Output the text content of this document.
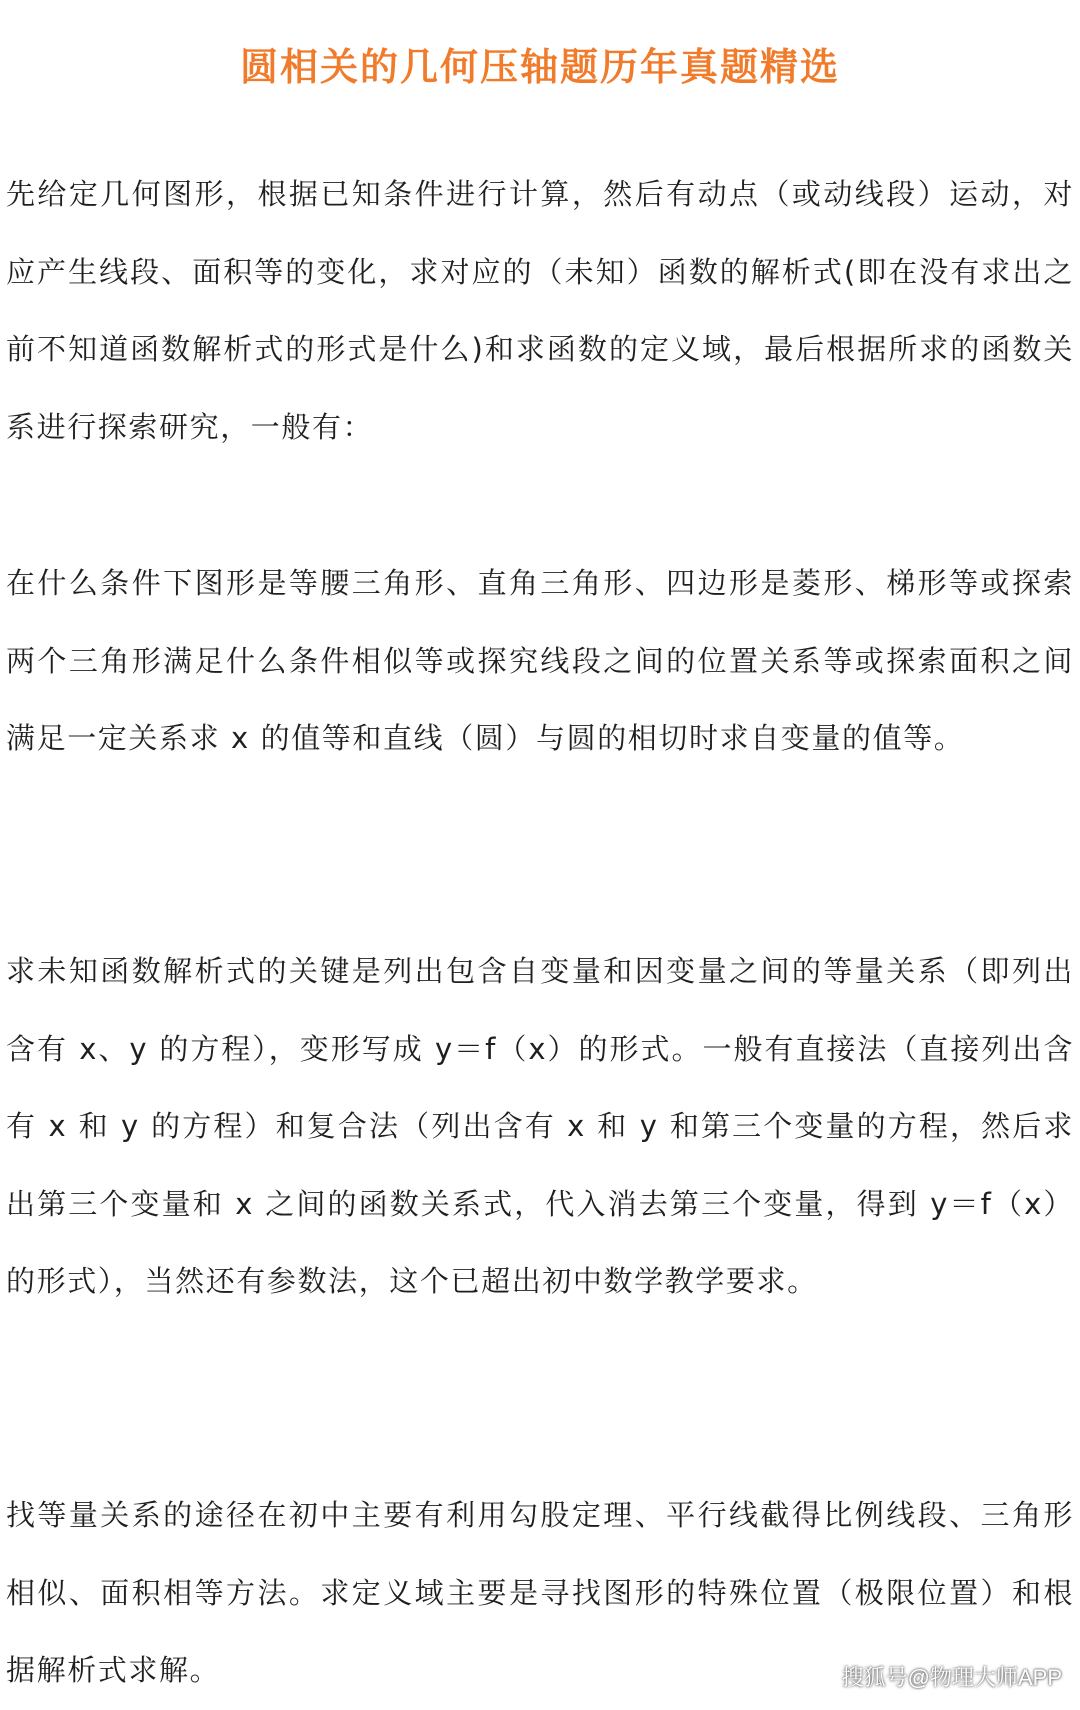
圆相关的几何压轴题历年真题精选

先给定几何图形，根据已知条件进行计算，然后有动点（或动线段）运动，对应产生线段、面积等的变化，求对应的（未知）函数的解析式(即在没有求出之前不知道函数解析式的形式是什么)和求函数的定义域，最后根据所求的函数关系进行探索研究，一般有：

在什么条件下图形是等腰三角形、直角三角形、四边形是菱形、梯形等或探索两个三角形满足什么条件相似等或探究线段之间的位置关系等或探索面积之间满足一定关系求 x 的值等和直线（圆）与圆的相切时求自变量的值等。

求未知函数解析式的关键是列出包含自变量和因变量之间的等量关系（即列出含有 x、y 的方程），变形写成 y＝f（x）的形式。一般有直接法（直接列出含有 x 和 y 的方程）和复合法（列出含有 x 和 y 和第三个变量的方程，然后求出第三个变量和 x 之间的函数关系式，代入消去第三个变量，得到 y＝f（x）的形式），当然还有参数法，这个已超出初中数学教学要求。

找等量关系的途径在初中主要有利用勾股定理、平行线截得比例线段、三角形相似、面积相等方法。求定义域主要是寻找图形的特殊位置（极限位置）和根据解析式求解。	搜狐号@物理大师APP
